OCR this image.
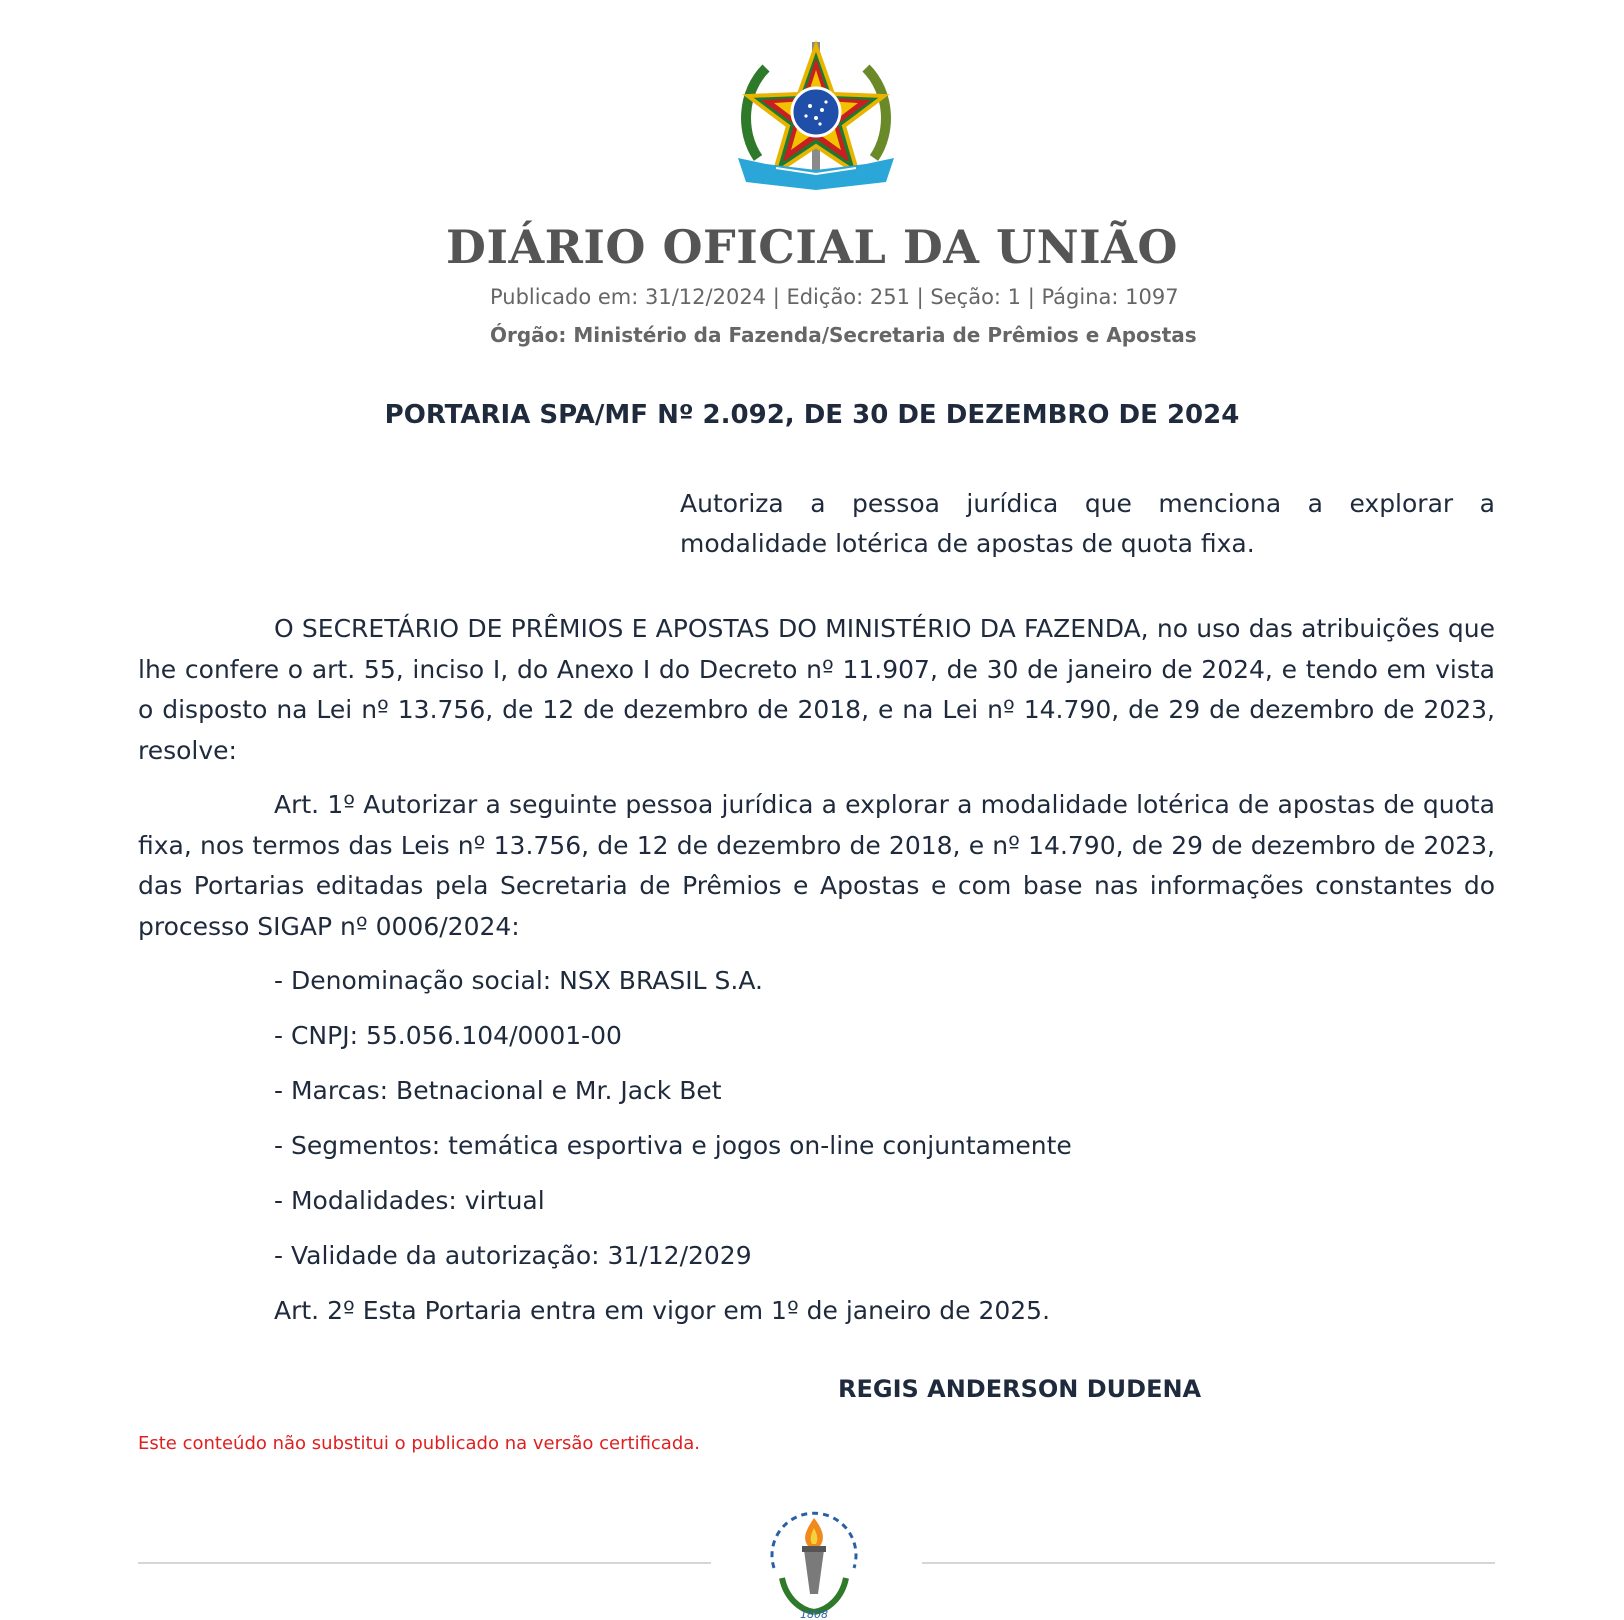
DIÁRIO OFICIAL DA UNIÃO
Publicado em: 31/12/2024 | Edição: 251 | Seção: 1 | Página: 1097
Órgão: Ministério da Fazenda/Secretaria de Prêmios e Apostas
PORTARIA SPA/MF Nº 2.092, DE 30 DE DEZEMBRO DE 2024
Autoriza a pessoa jurídica que menciona a explorar a modalidade lotérica de apostas de quota fixa.
O SECRETÁRIO DE PRÊMIOS E APOSTAS DO MINISTÉRIO DA FAZENDA, no uso das atribuições que lhe confere o art. 55, inciso I, do Anexo I do Decreto nº 11.907, de 30 de janeiro de 2024, e tendo em vista o disposto na Lei nº 13.756, de 12 de dezembro de 2018, e na Lei nº 14.790, de 29 de dezembro de 2023, resolve:
Art. 1º Autorizar a seguinte pessoa jurídica a explorar a modalidade lotérica de apostas de quota fixa, nos termos das Leis nº 13.756, de 12 de dezembro de 2018, e nº 14.790, de 29 de dezembro de 2023, das Portarias editadas pela Secretaria de Prêmios e Apostas e com base nas informações constantes do processo SIGAP nº 0006/2024:
- Denominação social: NSX BRASIL S.A.
- CNPJ: 55.056.104/0001-00
- Marcas: Betnacional e Mr. Jack Bet
- Segmentos: temática esportiva e jogos on-line conjuntamente
- Modalidades: virtual
- Validade da autorização: 31/12/2029
Art. 2º Esta Portaria entra em vigor em 1º de janeiro de 2025.
REGIS ANDERSON DUDENA
Este conteúdo não substitui o publicado na versão certificada.
1808
